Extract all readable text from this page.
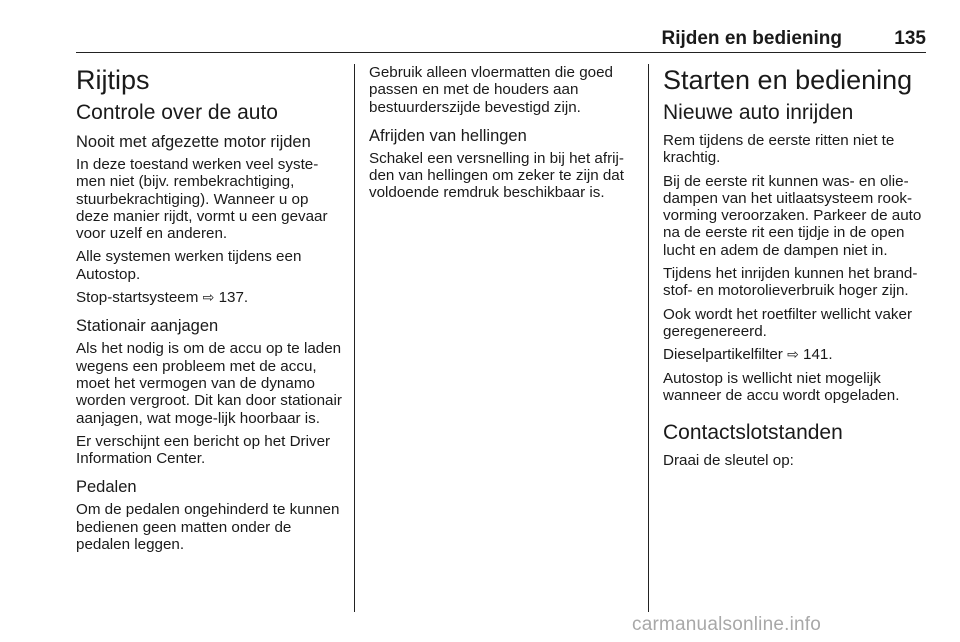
Rijden en bediening	135
Rijtips
Controle over de auto
Nooit met afgezette motor rijden

In deze toestand werken veel syste-men niet (bijv. rembekrachtiging, stuurbekrachtiging). Wanneer u op deze manier rijdt, vormt u een gevaar voor uzelf en anderen.

Alle systemen werken tijdens een Autostop.

Stop-startsysteem ⇨ 137.

Stationair aanjagen

Als het nodig is om de accu op te laden wegens een probleem met de accu, moet het vermogen van de dynamo worden vergroot. Dit kan door stationair aanjagen, wat moge-lijk hoorbaar is.

Er verschijnt een bericht op het Driver Information Center.

Pedalen

Om de pedalen ongehinderd te kunnen bedienen geen matten onder de pedalen leggen.

Gebruik alleen vloermatten die goed passen en met de houders aan bestuurderszijde bevestigd zijn.

Afrijden van hellingen

Schakel een versnelling in bij het afrij-den van hellingen om zeker te zijn dat voldoende remdruk beschikbaar is.

Starten en bediening
Nieuwe auto inrijden

Rem tijdens de eerste ritten niet te krachtig.

Bij de eerste rit kunnen was- en olie-dampen van het uitlaatsysteem rook-vorming veroorzaken. Parkeer de auto na de eerste rit een tijdje in de open lucht en adem de dampen niet in.

Tijdens het inrijden kunnen het brand-stof- en motorolieverbruik hoger zijn.

Ook wordt het roetfilter wellicht vaker geregenereerd.

Dieselpartikelfilter ⇨ 141.

Autostop is wellicht niet mogelijk wanneer de accu wordt opgeladen.

Contactslotstanden

Draai de sleutel op:

carmanualsonline.info
